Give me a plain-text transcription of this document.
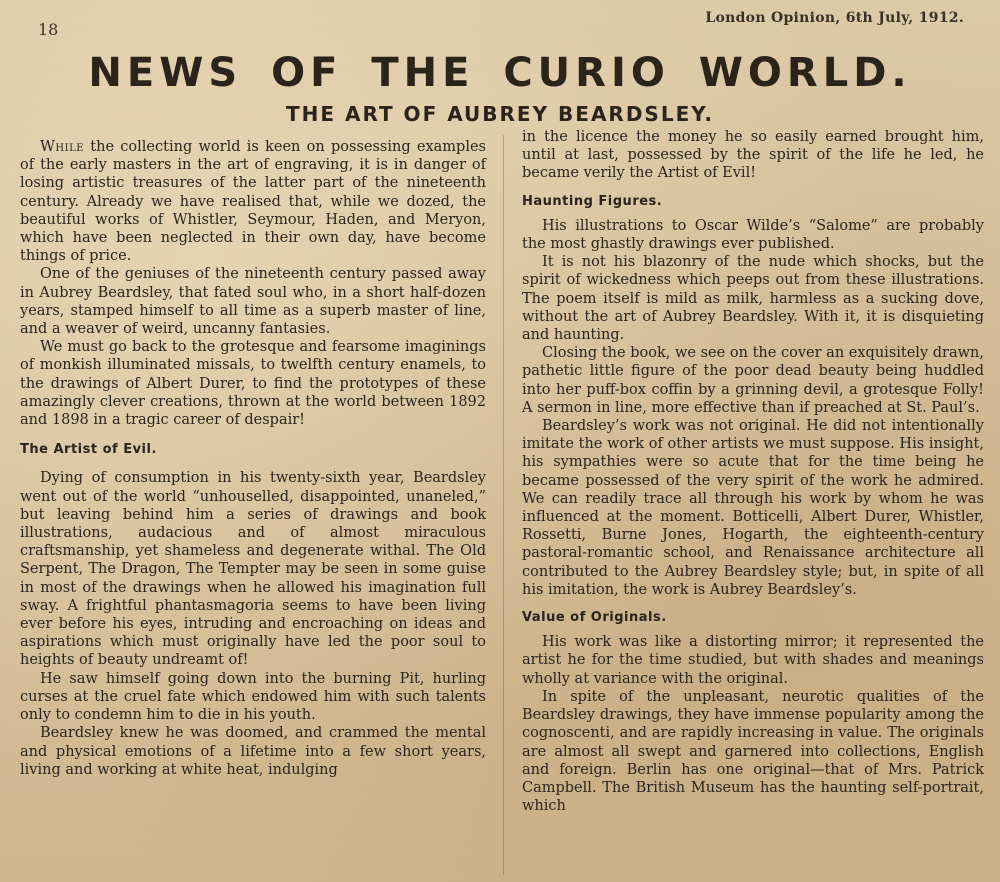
18
London Opinion, 6th July, 1912.
NEWS OF THE CURIO WORLD.
THE ART OF AUBREY BEARDSLEY.

While the collecting world is keen on possessing examples of the early masters in the art of engraving, it is in danger of losing artistic treasures of the latter part of the nineteenth century. Already we have realised that, while we dozed, the beautiful works of Whistler, Seymour, Haden, and Meryon, which have been neglected in their own day, have become things of price.

One of the geniuses of the nineteenth century passed away in Aubrey Beardsley, that fated soul who, in a short half-dozen years, stamped himself to all time as a superb master of line, and a weaver of weird, uncanny fantasies.

We must go back to the grotesque and fearsome imaginings of monkish illuminated missals, to twelfth century enamels, to the drawings of Albert Durer, to find the prototypes of these amazingly clever creations, thrown at the world between 1892 and 1898 in a tragic career of despair!

The Artist of Evil.

Dying of consumption in his twenty-sixth year, Beardsley went out of the world “unhouselled, disappointed, unaneled,” but leaving behind him a series of drawings and book illustrations, audacious and of almost miraculous craftsmanship, yet shameless and degenerate withal. The Old Serpent, The Dragon, The Tempter may be seen in some guise in most of the drawings when he allowed his imagination full sway. A frightful phantasmagoria seems to have been living ever before his eyes, intruding and encroaching on ideas and aspirations which must originally have led the poor soul to heights of beauty undreamt of!

He saw himself going down into the burning Pit, hurling curses at the cruel fate which endowed him with such talents only to condemn him to die in his youth.

Beardsley knew he was doomed, and crammed the mental and physical emotions of a lifetime into a few short years, living and working at white heat, indulging

in the licence the money he so easily earned brought him, until at last, possessed by the spirit of the life he led, he became verily the Artist of Evil!

Haunting Figures.

His illustrations to Oscar Wilde’s “Salome” are probably the most ghastly drawings ever published.

It is not his blazonry of the nude which shocks, but the spirit of wickedness which peeps out from these illustrations. The poem itself is mild as milk, harmless as a sucking dove, without the art of Aubrey Beardsley. With it, it is disquieting and haunting.

Closing the book, we see on the cover an exquisitely drawn, pathetic little figure of the poor dead beauty being huddled into her puff-box coffin by a grinning devil, a grotesque Folly! A sermon in line, more effective than if preached at St. Paul’s.

Beardsley’s work was not original. He did not intentionally imitate the work of other artists we must suppose. His insight, his sympathies were so acute that for the time being he became possessed of the very spirit of the work he admired. We can readily trace all through his work by whom he was influenced at the moment. Botticelli, Albert Durer, Whistler, Rossetti, Burne Jones, Hogarth, the eighteenth-century pastoral-romantic school, and Renaissance architecture all contributed to the Aubrey Beardsley style; but, in spite of all his imitation, the work is Aubrey Beardsley’s.

Value of Originals.

His work was like a distorting mirror; it represented the artist he for the time studied, but with shades and meanings wholly at variance with the original.

In spite of the unpleasant, neurotic qualities of the Beardsley drawings, they have immense popularity among the cognoscenti, and are rapidly increasing in value. The originals are almost all swept and garnered into collections, English and foreign. Berlin has one original—that of Mrs. Patrick Campbell. The British Museum has the haunting self-portrait, which
